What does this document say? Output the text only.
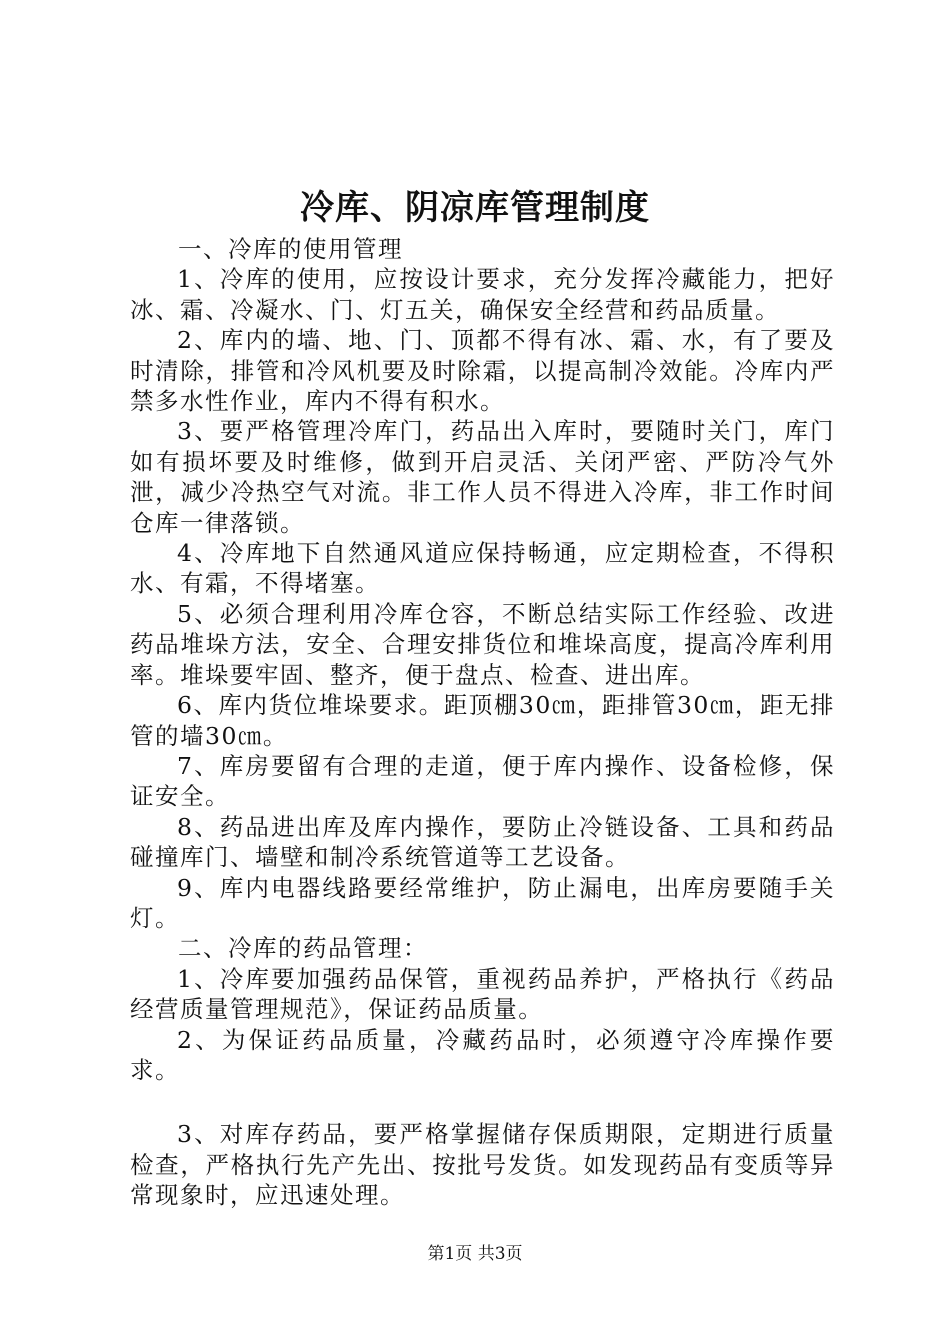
冷库、阴凉库管理制度

一、冷库的使用管理

1、冷库的使用，应按设计要求，充分发挥冷藏能力，把好冰、霜、冷凝水、门、灯五关，确保安全经营和药品质量。

2、库内的墙、地、门、顶都不得有冰、霜、水，有了要及时清除，排管和冷风机要及时除霜，以提高制冷效能。冷库内严禁多水性作业，库内不得有积水。

3、要严格管理冷库门，药品出入库时，要随时关门，库门如有损坏要及时维修，做到开启灵活、关闭严密、严防冷气外泄，减少冷热空气对流。非工作人员不得进入冷库，非工作时间仓库一律落锁。

4、冷库地下自然通风道应保持畅通，应定期检查，不得积水、有霜，不得堵塞。

5、必须合理利用冷库仓容，不断总结实际工作经验、改进药品堆垛方法，安全、合理安排货位和堆垛高度，提高冷库利用率。堆垛要牢固、整齐，便于盘点、检查、进出库。

6、库内货位堆垛要求。距顶棚30㎝，距排管30㎝，距无排管的墙30㎝。

7、库房要留有合理的走道，便于库内操作、设备检修，保证安全。

8、药品进出库及库内操作，要防止冷链设备、工具和药品碰撞库门、墙壁和制冷系统管道等工艺设备。

9、库内电器线路要经常维护，防止漏电，出库房要随手关灯。

二、冷库的药品管理：

1、冷库要加强药品保管，重视药品养护，严格执行《药品经营质量管理规范》，保证药品质量。

2、为保证药品质量，冷藏药品时，必须遵守冷库操作要求。

3、对库存药品，要严格掌握储存保质期限，定期进行质量检查，严格执行先产先出、按批号发货。如发现药品有变质等异常现象时，应迅速处理。

第1页 共3页
